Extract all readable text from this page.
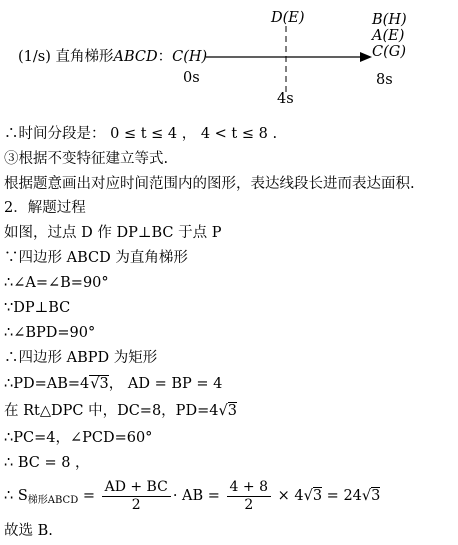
(1/s) 直角梯形ABCD：C(H)
D(E)	B(H)
A(E)
C(G)
0s
4s
8s
∴时间分段是： 0 ≤ t ≤ 4 ， 4 < t ≤ 8 .
③根据不变特征建立等式.
根据题意画出对应时间范围内的图形，表达线段长进而表达面积.
2．解题过程
如图，过点 D 作 DP⊥BC 于点 P
∵四边形 ABCD 为直角梯形
∴∠A=∠B=90°
∵DP⊥BC
∴∠BPD=90°
∴四边形 ABPD 为矩形
∴PD=AB=4√3， AD = BP = 4
在 Rt△DPC 中，DC=8，PD=4√3
∴PC=4，∠PCD=60°
∴ BC = 8 ，
∴ $S_{梯形ABCD} = \frac{AD + BC}{2}$ · AB = $\frac{4 + 8}{2} \times 4√3 = 24√3$
故选 B.
